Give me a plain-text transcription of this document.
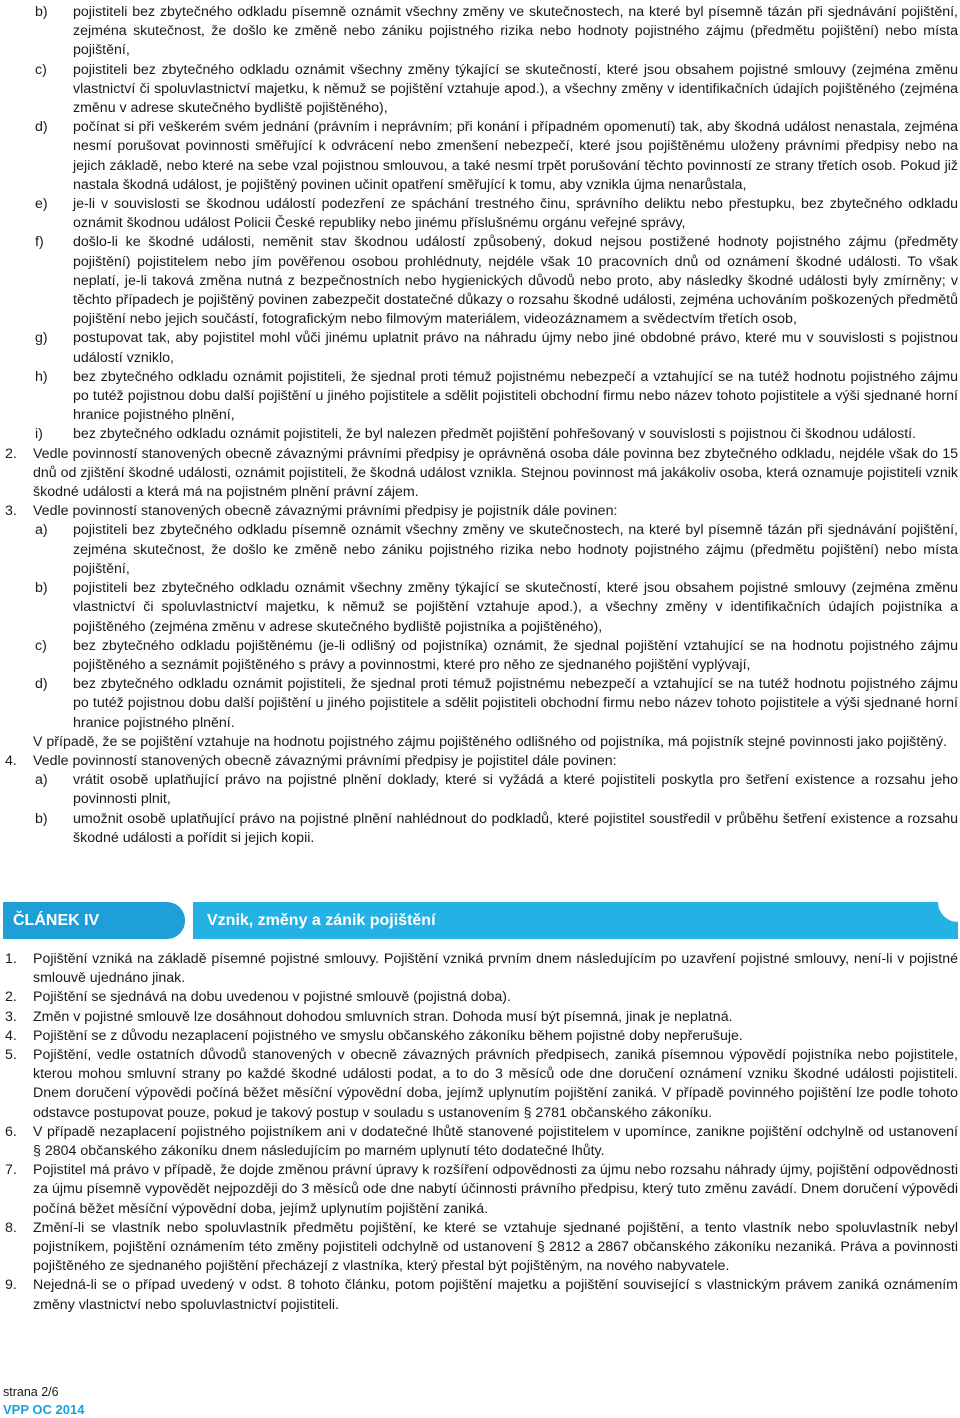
b)	pojistiteli bez zbytečného odkladu písemně oznámit všechny změny ve skutečnostech, na které byl písemně tázán při sjednávání pojištění, zejména skutečnost, že došlo ke změně nebo zániku pojistného rizika nebo hodnoty pojistného zájmu (předmětu pojištění) nebo místa pojištění,
c)	pojistiteli bez zbytečného odkladu oznámit všechny změny týkající se skutečností, které jsou obsahem pojistné smlouvy (zejména změnu vlastnictví či spoluvlastnictví majetku, k němuž se pojištění vztahuje apod.), a všechny změny v identifikačních údajích pojištěného (zejména změnu v adrese skutečného bydliště pojištěného),
d)	počínat si při veškerém svém jednání (právním i neprávním; při konání i případném opomenutí) tak, aby škodná událost nenastala, zejména nesmí porušovat povinnosti směřující k odvrácení nebo zmenšení nebezpečí, které jsou pojištěnému uloženy právními předpisy nebo na jejich základě, nebo které na sebe vzal pojistnou smlouvou, a také nesmí trpět porušování těchto povinností ze strany třetích osob. Pokud již nastala škodná událost, je pojištěný povinen učinit opatření směřující k tomu, aby vznikla újma nenarůstala,
e)	je-li v souvislosti se škodnou událostí podezření ze spáchání trestného činu, správního deliktu nebo přestupku, bez zbytečného odkladu oznámit škodnou událost Policii České republiky nebo jinému příslušnému orgánu veřejné správy,
f)	došlo-li ke škodné události, neměnit stav škodnou událostí způsobený, dokud nejsou postižené hodnoty pojistného zájmu (předměty pojištění) pojistitelem nebo jím pověřenou osobou prohlédnuty, nejdéle však 10 pracovních dnů od oznámení škodné události. To však neplatí, je-li taková změna nutná z bezpečnostních nebo hygienických důvodů nebo proto, aby následky škodné události byly zmírněny; v těchto případech je pojištěný povinen zabezpečit dostatečné důkazy o rozsahu škodné události, zejména uchováním poškozených předmětů pojištění nebo jejich součástí, fotografickým nebo filmovým materiálem, videozáznamem a svědectvím třetích osob,
g)	postupovat tak, aby pojistitel mohl vůči jinému uplatnit právo na náhradu újmy nebo jiné obdobné právo, které mu v souvislosti s pojistnou událostí vzniklo,
h)	bez zbytečného odkladu oznámit pojistiteli, že sjednal proti témuž pojistnému nebezpečí a vztahující se na tutéž hodnotu pojistného zájmu po tutéž pojistnou dobu další pojištění u jiného pojistitele a sdělit pojistiteli obchodní firmu nebo název tohoto pojistitele a výši sjednané horní hranice pojistného plnění,
i)	bez zbytečného odkladu oznámit pojistiteli, že byl nalezen předmět pojištění pohřešovaný v souvislosti s pojistnou či škodnou událostí.
2.	Vedle povinností stanovených obecně závaznými právními předpisy je oprávněná osoba dále povinna bez zbytečného odkladu, nejdéle však do 15 dnů od zjištění škodné události, oznámit pojistiteli, že škodná událost vznikla. Stejnou povinnost má jakákoliv osoba, která oznamuje pojistiteli vznik škodné události a která má na pojistném plnění právní zájem.
3.	Vedle povinností stanovených obecně závaznými právními předpisy je pojistník dále povinen:
a)	pojistiteli bez zbytečného odkladu písemně oznámit všechny změny ve skutečnostech, na které byl písemně tázán při sjednávání pojištění, zejména skutečnost, že došlo ke změně nebo zániku pojistného rizika nebo hodnoty pojistného zájmu (předmětu pojištění) nebo místa pojištění,
b)	pojistiteli bez zbytečného odkladu oznámit všechny změny týkající se skutečností, které jsou obsahem pojistné smlouvy (zejména změnu vlastnictví či spoluvlastnictví majetku, k němuž se pojištění vztahuje apod.), a všechny změny v identifikačních údajích pojistníka a pojištěného (zejména změnu v adrese skutečného bydliště pojistníka a pojištěného),
c)	bez zbytečného odkladu pojištěnému (je-li odlišný od pojistníka) oznámit, že sjednal pojištění vztahující se na hodnotu pojistného zájmu pojištěného a seznámit pojištěného s právy a povinnostmi, které pro něho ze sjednaného pojištění vyplývají,
d)	bez zbytečného odkladu oznámit pojistiteli, že sjednal proti témuž pojistnému nebezpečí a vztahující se na tutéž hodnotu pojistného zájmu po tutéž pojistnou dobu další pojištění u jiného pojistitele a sdělit pojistiteli obchodní firmu nebo název tohoto pojistitele a výši sjednané horní hranice pojistného plnění.
V případě, že se pojištění vztahuje na hodnotu pojistného zájmu pojištěného odlišného od pojistníka, má pojistník stejné povinnosti jako pojištěný.
4.	Vedle povinností stanovených obecně závaznými právními předpisy je pojistitel dále povinen:
a)	vrátit osobě uplatňující právo na pojistné plnění doklady, které si vyžádá a které pojistiteli poskytla pro šetření existence a rozsahu jeho povinnosti plnit,
b)	umožnit osobě uplatňující právo na pojistné plnění nahlédnout do podkladů, které pojistitel soustředil v průběhu šetření existence a rozsahu škodné události a pořídit si jejich kopii.
ČLÁNEK IV	Vznik, změny a zánik pojištění
1.	Pojištění vzniká na základě písemné pojistné smlouvy. Pojištění vzniká prvním dnem následujícím po uzavření pojistné smlouvy, není-li v pojistné smlouvě ujednáno jinak.
2.	Pojištění se sjednává na dobu uvedenou v pojistné smlouvě (pojistná doba).
3.	Změn v pojistné smlouvě lze dosáhnout dohodou smluvních stran. Dohoda musí být písemná, jinak je neplatná.
4.	Pojištění se z důvodu nezaplacení pojistného ve smyslu občanského zákoníku během pojistné doby nepřerušuje.
5.	Pojištění, vedle ostatních důvodů stanovených v obecně závazných právních předpisech, zaniká písemnou výpovědí pojistníka nebo pojistitele, kterou mohou smluvní strany po každé škodné události podat, a to do 3 měsíců ode dne doručení oznámení vzniku škodné události pojistiteli. Dnem doručení výpovědi počíná běžet měsíční výpovědní doba, jejímž uplynutím pojištění zaniká. V případě povinného pojištění lze podle tohoto odstavce postupovat pouze, pokud je takový postup v souladu s ustanovením § 2781 občanského zákoníku.
6.	V případě nezaplacení pojistného pojistníkem ani v dodatečné lhůtě stanovené pojistitelem v upomínce, zanikne pojištění odchylně od ustanovení § 2804 občanského zákoníku dnem následujícím po marném uplynutí této dodatečné lhůty.
7.	Pojistitel má právo v případě, že dojde změnou právní úpravy k rozšíření odpovědnosti za újmu nebo rozsahu náhrady újmy, pojištění odpovědnosti za újmu písemně vypovědět nejpozději do 3 měsíců ode dne nabytí účinnosti právního předpisu, který tuto změnu zavádí. Dnem doručení výpovědi počíná běžet měsíční výpovědní doba, jejímž uplynutím pojištění zaniká.
8.	Změní-li se vlastník nebo spoluvlastník předmětu pojištění, ke které se vztahuje sjednané pojištění, a tento vlastník nebo spoluvlastník nebyl pojistníkem, pojištění oznámením této změny pojistiteli odchylně od ustanovení § 2812 a 2867 občanského zákoníku nezaniká. Práva a povinnosti pojištěného ze sjednaného pojištění přecházejí z vlastníka, který přestal být pojištěným, na nového nabyvatele.
9.	Nejedná-li se o případ uvedený v odst. 8 tohoto článku, potom pojištění majetku a pojištění související s vlastnickým právem zaniká oznámením změny vlastnictví nebo spoluvlastnictví pojistiteli.
strana 2/6
VPP OC 2014
